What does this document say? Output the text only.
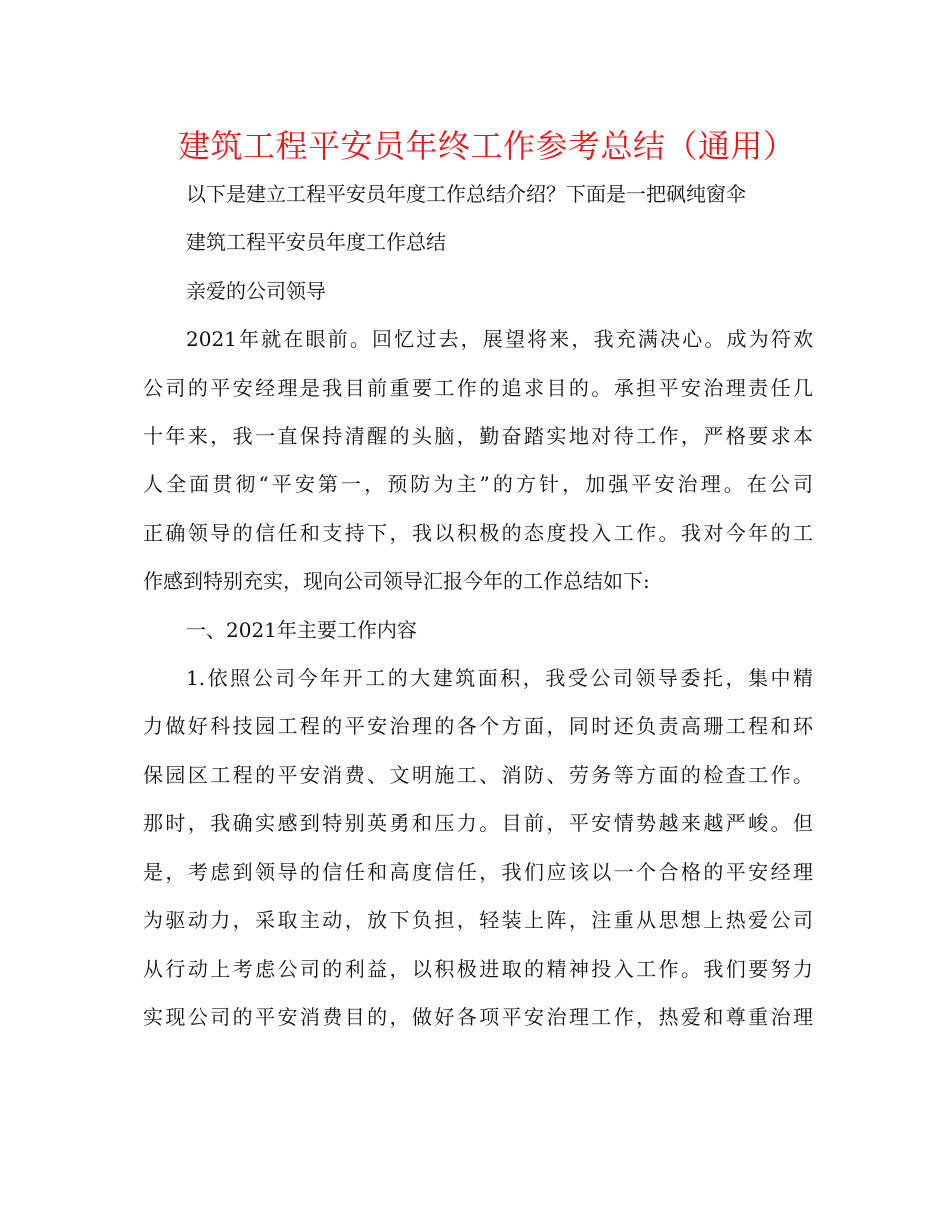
建筑工程平安员年终工作参考总结（通用）

以下是建立工程平安员年度工作总结介绍？下面是一把砜纯窗伞

建筑工程平安员年度工作总结

亲爱的公司领导

2021年就在眼前。回忆过去，展望将来，我充满决心。成为符欢
公司的平安经理是我目前重要工作的追求目的。承担平安治理责任几
十年来，我一直保持清醒的头脑，勤奋踏实地对待工作，严格要求本
人全面贯彻“平安第一，预防为主”的方针，加强平安治理。在公司
正确领导的信任和支持下，我以积极的态度投入工作。我对今年的工
作感到特别充实，现向公司领导汇报今年的工作总结如下:

一、2021年主要工作内容

1.依照公司今年开工的大建筑面积，我受公司领导委托，集中精
力做好科技园工程的平安治理的各个方面，同时还负责高珊工程和环
保园区工程的平安消费、文明施工、消防、劳务等方面的检查工作。
那时，我确实感到特别英勇和压力。目前，平安情势越来越严峻。但
是，考虑到领导的信任和高度信任，我们应该以一个合格的平安经理
为驱动力，采取主动，放下负担，轻装上阵，注重从思想上热爱公司
从行动上考虑公司的利益，以积极进取的精神投入工作。我们要努力
实现公司的平安消费目的，做好各项平安治理工作，热爱和尊重治理
